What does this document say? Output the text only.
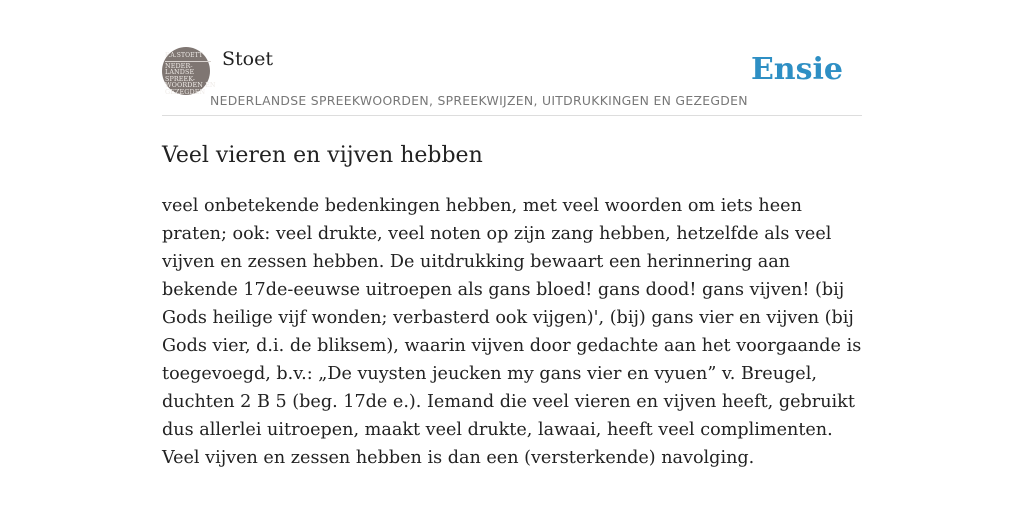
F.A.STOETT
NEDER-
LANDSE
SPREEK-
WOORDEN EN
GEZEGDEN
Stoet
NEDERLANDSE SPREEKWOORDEN, SPREEKWIJZEN, UITDRUKKINGEN EN GEZEGDEN
Ensie
Veel vieren en vijven hebben

veel onbetekende bedenkingen hebben, met veel woorden om iets heen praten; ook: veel drukte, veel noten op zijn zang hebben, hetzelfde als veel vijven en zessen hebben. De uitdrukking bewaart een herinnering aan bekende 17de-eeuwse uitroepen als gans bloed! gans dood! gans vijven! (bij Gods heilige vijf wonden; verbasterd ook vijgen)', (bij) gans vier en vijven (bij Gods vier, d.i. de bliksem), waarin vijven door gedachte aan het voorgaande is toegevoegd, b.v.: „De vuysten jeucken my gans vier en vyuen” v. Breugel, duchten 2 B 5 (beg. 17de e.). Iemand die veel vieren en vijven heeft, gebruikt dus allerlei uitroepen, maakt veel drukte, lawaai, heeft veel complimenten. Veel vijven en zessen hebben is dan een (versterkende) navolging.
